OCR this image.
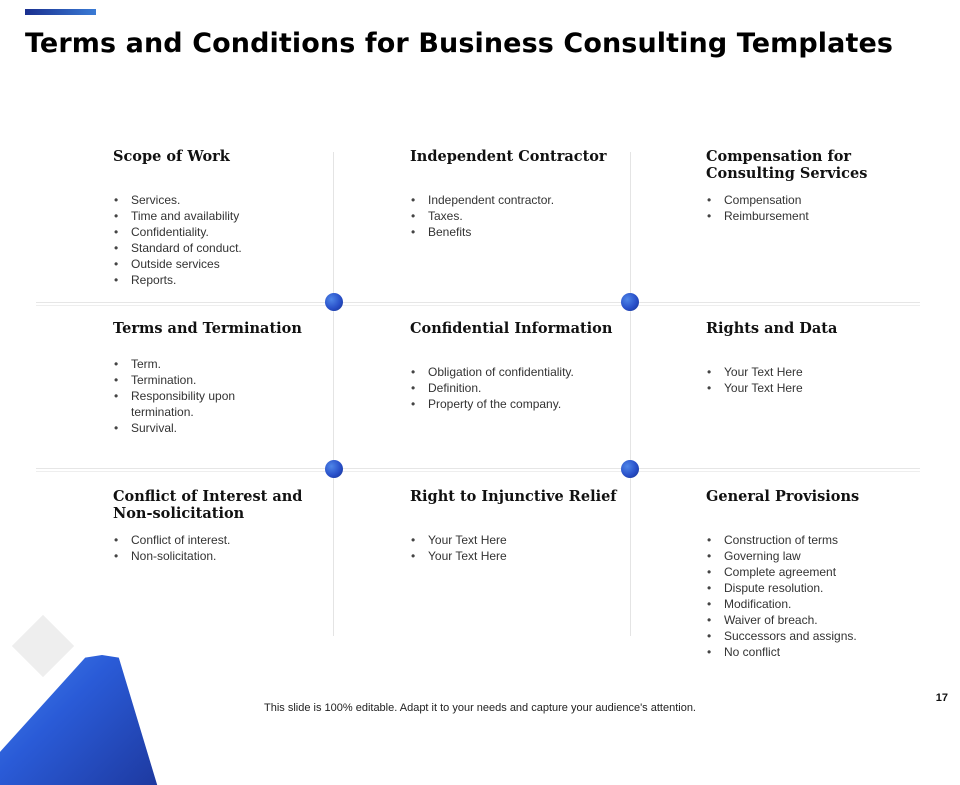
Terms and Conditions for Business Consulting Templates
Scope of Work
• Services.
• Time and availability
• Confidentiality.
• Standard of conduct.
• Outside services
• Reports.
Independent Contractor
• Independent contractor.
• Taxes.
• Benefits
Compensation for Consulting Services
• Compensation
• Reimbursement
Terms and Termination
• Term.
• Termination.
• Responsibility upon termination.
• Survival.
Confidential Information
• Obligation of confidentiality.
• Definition.
• Property of the company.
Rights and Data
• Your Text Here
• Your Text Here
Conflict of Interest and Non-solicitation
• Conflict of interest.
• Non-solicitation.
Right to Injunctive Relief
• Your Text Here
• Your Text Here
General Provisions
• Construction of terms
• Governing law
• Complete agreement
• Dispute resolution.
• Modification.
• Waiver of breach.
• Successors and assigns.
• No conflict
This slide is 100% editable. Adapt it to your needs and capture your audience's attention.
17
